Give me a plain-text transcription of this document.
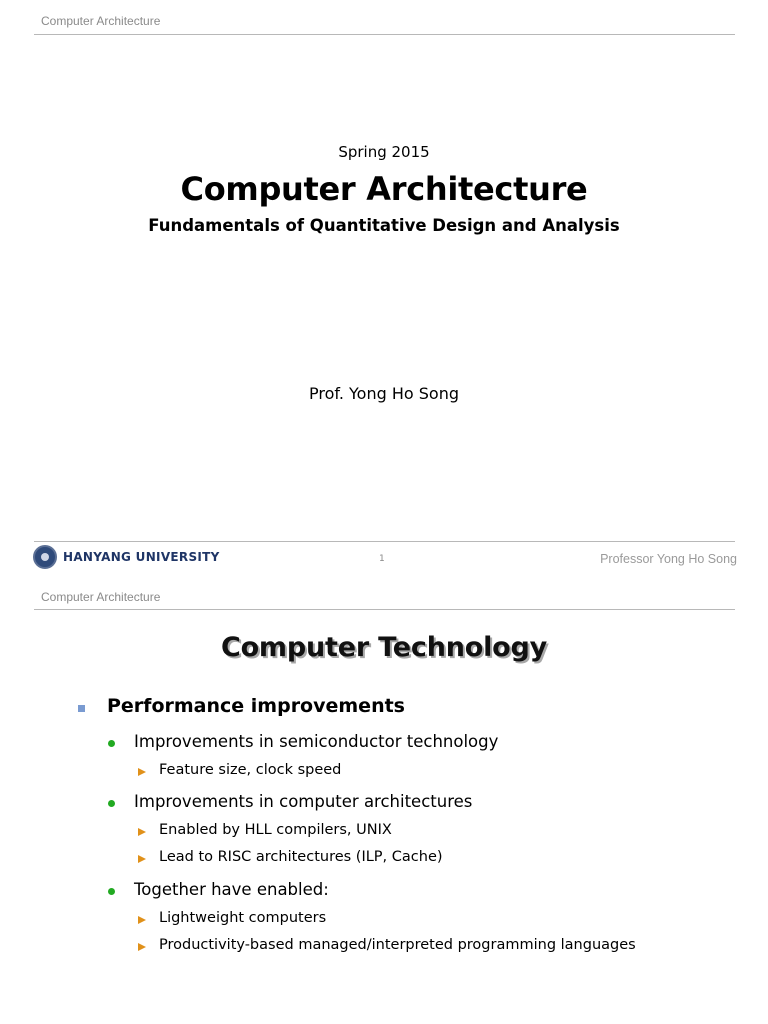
Computer Architecture
Spring 2015
Computer Architecture
Fundamentals of Quantitative Design and Analysis
Prof. Yong Ho Song
HANYANG UNIVERSITY	1	Professor Yong Ho Song
Computer Architecture
Computer Technology
Performance improvements
Improvements in semiconductor technology
Feature size, clock speed
Improvements in computer architectures
Enabled by HLL compilers, UNIX
Lead to RISC architectures (ILP, Cache)
Together have enabled:
Lightweight computers
Productivity-based managed/interpreted programming languages
